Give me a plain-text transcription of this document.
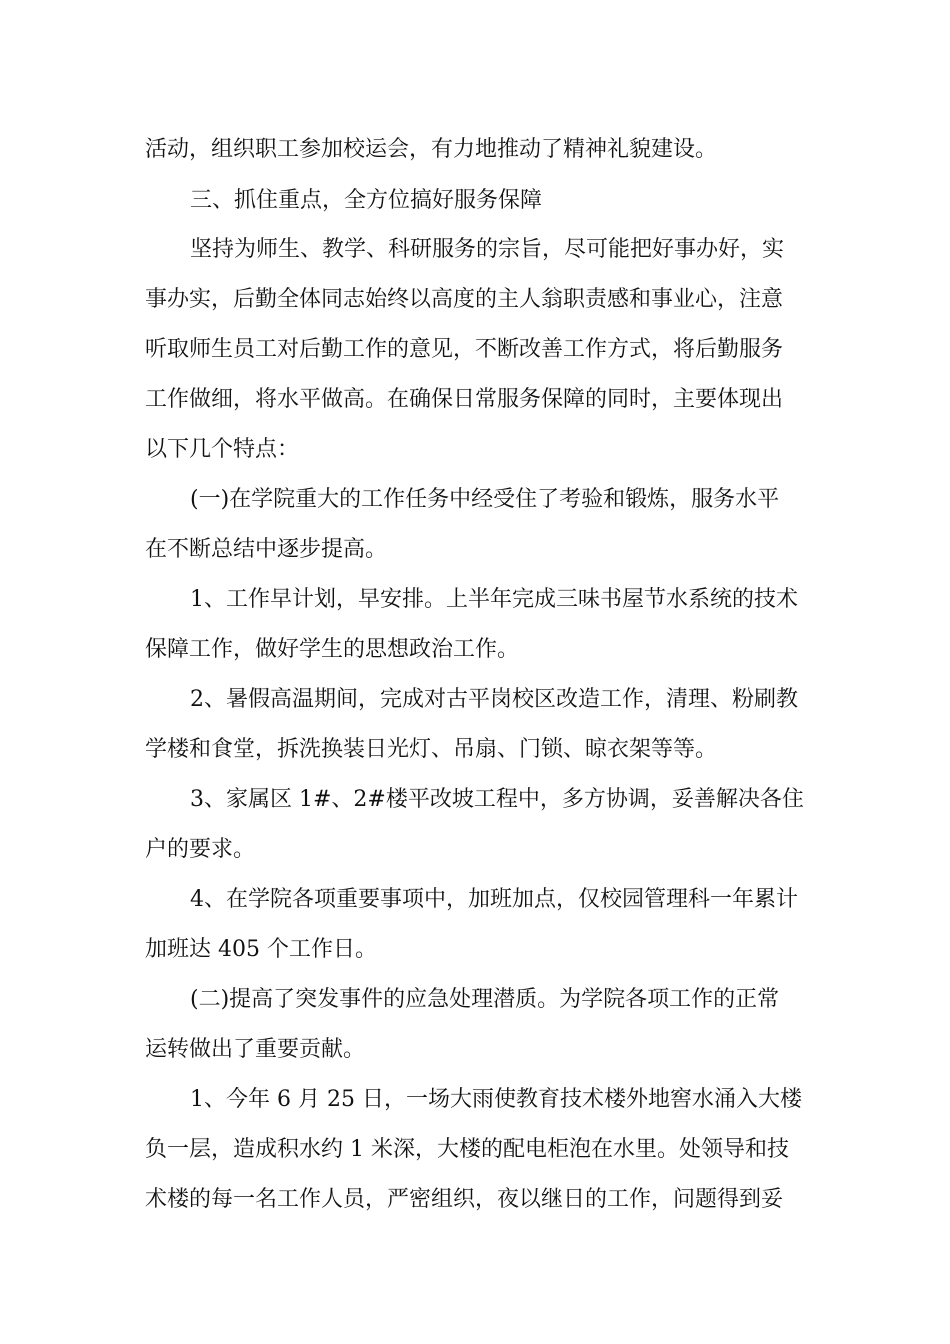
活动，组织职工参加校运会，有力地推动了精神礼貌建设。
三、抓住重点，全方位搞好服务保障
坚持为师生、教学、科研服务的宗旨，尽可能把好事办好，实
事办实，后勤全体同志始终以高度的主人翁职责感和事业心，注意
听取师生员工对后勤工作的意见，不断改善工作方式，将后勤服务
工作做细，将水平做高。在确保日常服务保障的同时，主要体现出
以下几个特点：
(一)在学院重大的工作任务中经受住了考验和锻炼，服务水平
在不断总结中逐步提高。
1、工作早计划，早安排。上半年完成三味书屋节水系统的技术
保障工作，做好学生的思想政治工作。
2、暑假高温期间，完成对古平岗校区改造工作，清理、粉刷教
学楼和食堂，拆洗换装日光灯、吊扇、门锁、晾衣架等等。
3、家属区 1#、2#楼平改坡工程中，多方协调，妥善解决各住
户的要求。
4、在学院各项重要事项中，加班加点，仅校园管理科一年累计
加班达 405 个工作日。
(二)提高了突发事件的应急处理潜质。为学院各项工作的正常
运转做出了重要贡献。
1、今年 6 月 25 日，一场大雨使教育技术楼外地窖水涌入大楼
负一层，造成积水约 1 米深，大楼的配电柜泡在水里。处领导和技
术楼的每一名工作人员，严密组织，夜以继日的工作，问题得到妥
